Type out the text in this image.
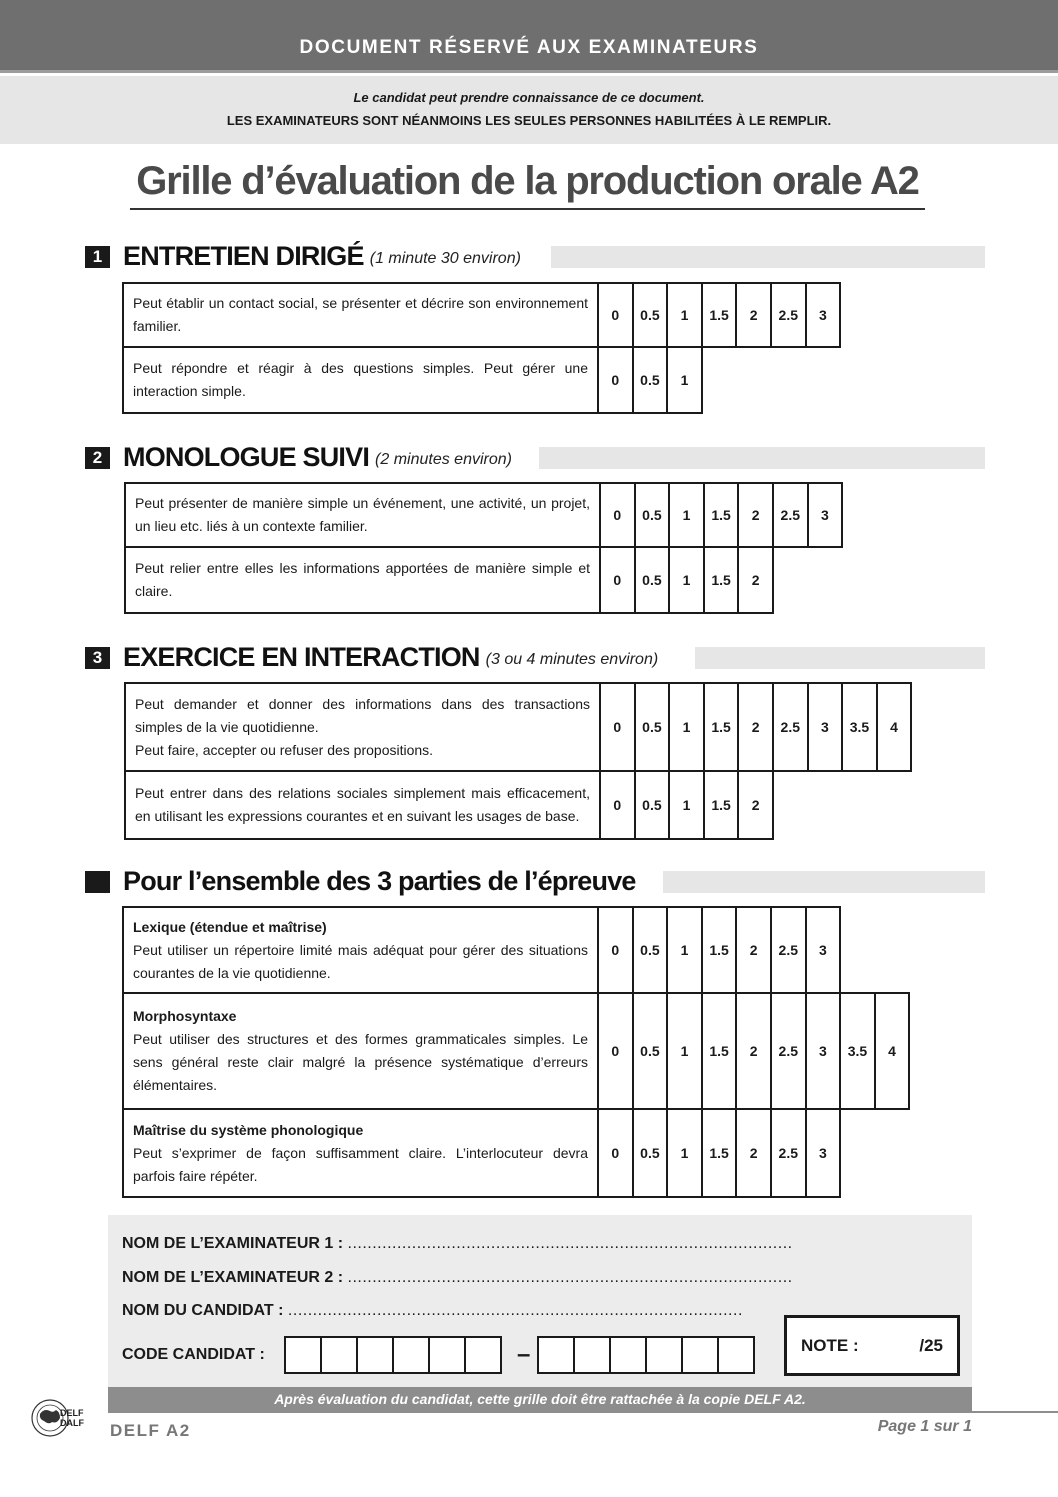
DOCUMENT RÉSERVÉ AUX EXAMINATEURS
Le candidat peut prendre connaissance de ce document.
LES EXAMINATEURS SONT NÉANMOINS LES SEULES PERSONNES HABILITÉES À LE REMPLIR.
Grille d’évaluation de la production orale A2
1 ENTRETIEN DIRIGÉ (1 minute 30 environ)
Peut établir un contact social, se présenter et décrire son environnement familier.	0	0.5	1	1.5	2	2.5	3
Peut répondre et réagir à des questions simples. Peut gérer une interaction simple.	0	0.5	1				
2 MONOLOGUE SUIVI (2 minutes environ)
Peut présenter de manière simple un événement, une activité, un projet, un lieu etc. liés à un contexte familier.	0	0.5	1	1.5	2	2.5	3
Peut relier entre elles les informations apportées de manière simple et claire.	0	0.5	1	1.5	2		
3 EXERCICE EN INTERACTION (3 ou 4 minutes environ)
Peut demander et donner des informations dans des transactions simples de la vie quotidienne.
Peut faire, accepter ou refuser des propositions.	0	0.5	1	1.5	2	2.5	3	3.5	4
Peut entrer dans des relations sociales simplement mais efficacement, en utilisant les expressions courantes et en suivant les usages de base.	0	0.5	1	1.5	2				
Pour l’ensemble des 3 parties de l’épreuve
Lexique (étendue et maîtrise)
Peut utiliser un répertoire limité mais adéquat pour gérer des situations courantes de la vie quotidienne.	0	0.5	1	1.5	2	2.5	3		

Morphosyntaxe
Peut utiliser des structures et des formes grammaticales simples. Le sens général reste clair malgré la présence systématique d’erreurs élémentaires.	0	0.5	1	1.5	2	2.5	3	3.5	4

Maîtrise du système phonologique
Peut s’exprimer de façon suffisamment claire. L’interlocuteur devra parfois faire répéter.	0	0.5	1	1.5	2	2.5	3		
NOM DE L’EXAMINATEUR 1 : ..........................................................................................
NOM DE L’EXAMINATEUR 2 : ..........................................................................................
NOM DU CANDIDAT : ............................................................................................
CODE CANDIDAT :	–	NOTE :	/25
Après évaluation du candidat, cette grille doit être rattachée à la copie DELF A2.
DELF
DALF DELF A2	Page 1 sur 1
